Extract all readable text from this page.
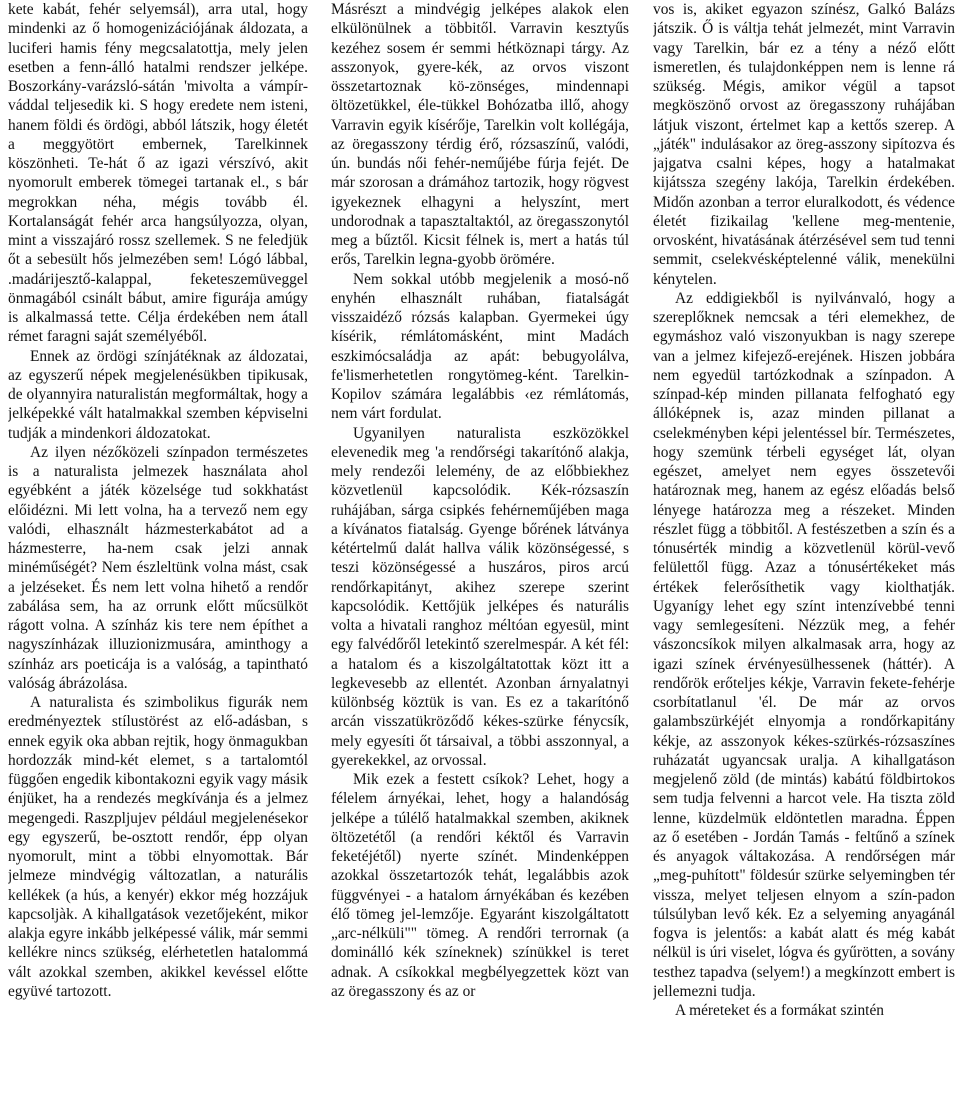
kete kabát, fehér selyemsál), arra utal, hogy mindenki az ő homogenizációjának áldozata, a luciferi hamis fény megcsalatottja, mely jelen esetben a fenn-álló hatalmi rendszer jelképe. Boszorkány-varázsló-sátán 'mivolta a vámpír-váddal teljesedik ki. S hogy eredete nem isteni, hanem földi és ördögi, abból látszik, hogy életét a meggyötört embernek, Tarelkinnek köszönheti. Te-hát ő az igazi vérszívó, akit nyomorult emberek tömegei tartanak el., s bár megrokkan néha, mégis tovább él. Kortalanságát fehér arca hangsúlyozza, olyan, mint a visszajáró rossz szellemek. S ne feledjük őt a sebesült hős jelmezében sem! Lógó lábbal, .madárijesztő-kalappal, feketeszemüveggel önmagából csinált bábut, amire figurája amúgy is alkalmassá tette. Célja érdekében nem átall rémet faragni saját személyéből.

Ennek az ördögi színjátéknak az áldozatai, az egyszerű népek megjelenésükben tipikusak, de olyannyira naturalistán megformáltak, hogy a jelképekké vált hatalmakkal szemben képviselni tudják a mindenkori áldozatokat.

Az ilyen nézőközeli színpadon természetes is a naturalista jelmezek használata ahol egyébként a játék közelsége tud sokkhatást előidézni. Mi lett volna, ha a tervező nem egy valódi, elhasznált házmesterkabátot ad a házmesterre, ha-nem csak jelzi annak minéműségét? Nem észleltünk volna mást, csak a jelzéseket. És nem lett volna hihető a rendőr zabálása sem, ha az orrunk előtt műcsülköt rágott volna. A színház kis tere nem építhet a nagyszínházak illuzionizmusára, aminthogy a színház ars poeticája is a valóság, a tapintható valóság ábrázolása.

A naturalista és szimbolikus figurák nem eredményeztek stílustörést az elő-adásban, s ennek egyik oka abban rejtik, hogy önmagukban hordozzák mind-két elemet, s a tartalomtól függően engedik kibontakozni egyik vagy másik énjüket, ha a rendezés megkívánja és a jelmez megengedi. Raszpljujev például megjelenésekor egy egyszerű, be-osztott rendőr, épp olyan nyomorult, mint a többi elnyomottak. Bár jelmeze mindvégig változatlan, a naturális kellékek (a hús, a kenyér) ekkor még hozzájuk kapcsoljàk. A kihallgatások vezetőjeként, mikor alakja egyre inkább jelképessé válik, már semmi kellékre nincs szükség, elérhetetlen hatalommá vált azokkal szemben, akikkel kevéssel előtte együvé tartozott.

Másrészt a mindvégig jelképes alakok elen elkülönülnek a többitől. Varravin kesztyűs kezéhez sosem ér semmi hétköznapi tárgy. Az asszonyok, gyere-kék, az orvos viszont összetartoznak kö-zönséges, mindennapi öltözetükkel, éle-tükkel Bohózatba illő, ahogy Varravin egyik kísérője, Tarelkin volt kollégája, az öregasszony térdig érő, rózsaszínű, valódi, ún. bundás női fehér-neműjébe fúrja fejét. De már szorosan a drámához tartozik, hogy rögvest igyekeznek elhagyni a helyszínt, mert undorodnak a tapasztaltaktól, az öregasszonytól meg a bűztől. Kicsit félnek is, mert a hatás túl erős, Tarelkin legna-gyobb örömére.

Nem sokkal utóbb megjelenik a mosó-nő enyhén elhasznált ruhában, fiatalságát visszaidéző rózsás kalapban. Gyermekei úgy kísérik, rémlátomásként, mint Madách eszkimócsaládja az apát: bebugyolálva, fe'lismerhetetlen rongytömeg-ként. Tarelkin-Kopilov számára legalábbis ‹ez rémlátomás, nem várt fordulat.

Ugyanilyen naturalista eszközökkel elevenedik meg 'a rendőrségi takarítónő alakja, mely rendezői lelemény, de az előbbiekhez közvetlenül kapcsolódik. Kék-rózsaszín ruhájában, sárga csipkés fehérneműjében maga a kívánatos fiatalság. Gyenge bőrének látványa kétértelmű dalát hallva válik közönségessé, s teszi közönségessé a huszáros, piros arcú rendőrkapitányt, akihez szerepe szerint kapcsolódik. Kettőjük jelképes és naturális volta a hivatali ranghoz méltóan egyesül, mint egy falvédőről letekintő szerelmespár. A két fél: a hatalom és a kiszolgáltatottak közt itt a legkevesebb az ellentét. Azonban árnyalatnyi különbség köztük is van. Es ez a takarítónő arcán visszatükröződő kékes-szürke fénycsík, mely egyesíti őt társaival, a többi asszonnyal, a gyerekekkel, az orvossal.

Mik ezek a festett csíkok? Lehet, hogy a félelem árnyékai, lehet, hogy a halandóság jelképe a túlélő hatalmakkal szemben, akiknek öltözetétől (a rendőri kéktől és Varravin feketéjétől) nyerte színét. Mindenképpen azokkal összetartozók tehát, legalábbis azok függvényei - a hatalom árnyékában és kezében élő tömeg jel-lemzője. Egyaránt kiszolgáltatott „arc-nélküli"" tömeg. A rendőri terrornak (a dominálló kék színeknek) színükkel is teret adnak. A csíkokkal megbélyegzettek közt van az öregasszony és az or

vos is, akiket egyazon színész, Galkó Balázs játszik. Ő is váltja tehát jelmezét, mint Varravin vagy Tarelkin, bár ez a tény a néző előtt ismeretlen, és tulajdonképpen nem is lenne rá szükség. Mégis, amikor végül a tapsot megköszönő orvost az öregasszony ruhájában látjuk viszont, értelmet kap a kettős szerep. A „játék" indulásakor az öreg-asszony sipítozva és jajgatva csalni képes, hogy a hatalmakat kijátssza szegény lakója, Tarelkin érdekében. Midőn azonban a terror eluralkodott, és védence életét fizikailag 'kellene meg-mentenie, orvosként, hivatásának átérzésével sem tud tenni semmit, cselekvésképtelenné válik, menekülni kénytelen.

Az eddigiekből is nyilvánvaló, hogy a szereplőknek nemcsak a téri elemekhez, de egymáshoz való viszonyukban is nagy szerepe van a jelmez kifejező-erejének. Hiszen jobbára nem egyedül tartózkodnak a színpadon. A színpad-kép minden pillanata felfogható egy állóképnek is, azaz minden pillanat a cselekményben képi jelentéssel bír. Természetes, hogy szemünk térbeli egységet lát, olyan egészet, amelyet nem egyes összetevői határoznak meg, hanem az egész előadás belső lényege határozza meg a részeket. Minden részlet függ a többitől. A festészetben a szín és a tónusérték mindig a közvetlenül körül-vevő felülettől függ. Azaz a tónusértékeket más értékek felerősíthetik vagy kiolthatják. Ugyanígy lehet egy színt intenzívebbé tenni vagy semlegesíteni. Nézzük meg, a fehér vászoncsíkok milyen alkalmasak arra, hogy az igazi színek érvényesülhessenek (háttér). A rendőrök erőteljes kékje, Varravin fekete-fehérje csorbítatlanul 'él. De már az orvos galambszürkéjét elnyomja a rondőrkapitány kékje, az asszonyok kékes-szürkés-rózsaszínes ruházatát ugyancsak uralja. A kihallgatáson megjelenő zöld (de mintás) kabátú földbirtokos sem tudja felvenni a harcot vele. Ha tiszta zöld lenne, küzdelmük eldöntetlen maradna. Éppen az ő esetében - Jordán Tamás - feltűnő a színek és anyagok váltakozása. A rendőrségen már „meg-puhított" földesúr szürke selyemingben tér vissza, melyet teljesen elnyom a szín-padon túlsúlyban levő kék. Ez a selyeming anyagánál fogva is jelentős: a kabát alatt és még kabát nélkül is úri viselet, lógva és gyűrötten, a sovány testhez tapadva (selyem!) a megkínzott embert is jellemezni tudja.

A méreteket és a formákat szintén
